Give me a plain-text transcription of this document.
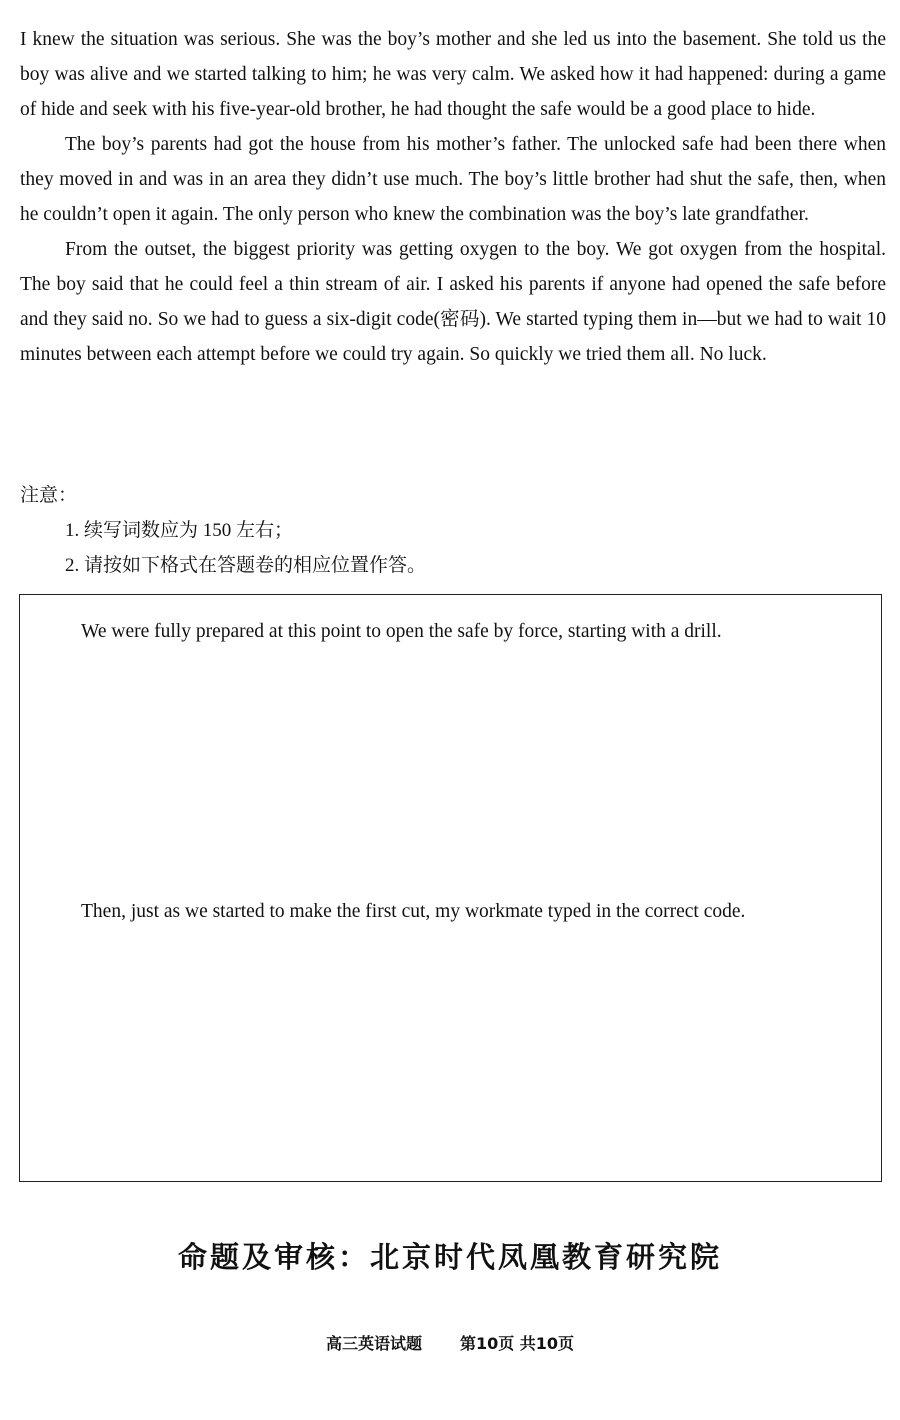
I knew the situation was serious. She was the boy’s mother and she led us into the basement. She told us the boy was alive and we started talking to him; he was very calm. We asked how it had happened: during a game of hide and seek with his five-year-old brother, he had thought the safe would be a good place to hide.

The boy’s parents had got the house from his mother’s father. The unlocked safe had been there when they moved in and was in an area they didn’t use much. The boy’s little brother had shut the safe, then, when he couldn’t open it again. The only person who knew the combination was the boy’s late grandfather.

From the outset, the biggest priority was getting oxygen to the boy. We got oxygen from the hospital. The boy said that he could feel a thin stream of air. I asked his parents if anyone had opened the safe before and they said no. So we had to guess a six-digit code(密码). We started typing them in—but we had to wait 10 minutes between each attempt before we could try again. So quickly we tried them all. No luck.

注意：
1. 续写词数应为 150 左右；
2. 请按如下格式在答题卷的相应位置作答。
We were fully prepared at this point to open the safe by force, starting with a drill.
Then, just as we started to make the first cut, my workmate typed in the correct code.
命题及审核：北京时代凤凰教育研究院
高三英语试题 第10页 共10页
